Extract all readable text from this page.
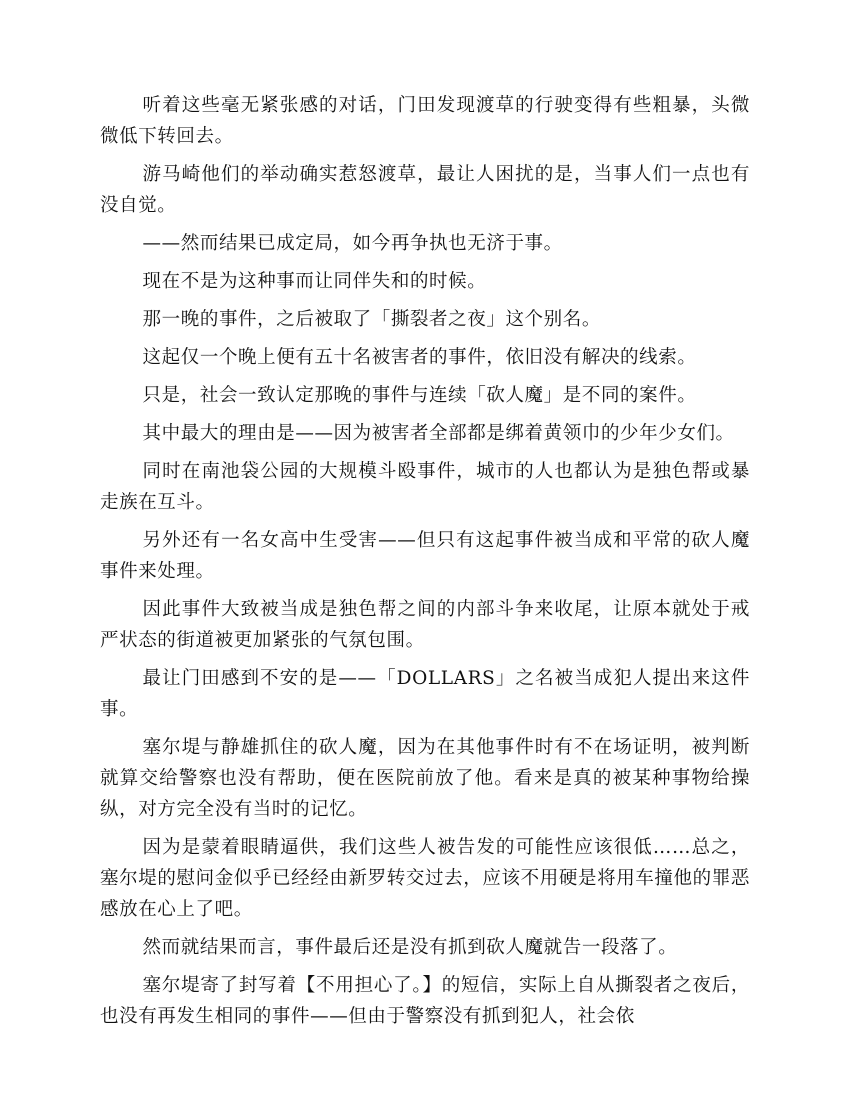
听着这些毫无紧张感的对话，门田发现渡草的行驶变得有些粗暴，头微微低下转回去。

游马崎他们的举动确实惹怒渡草，最让人困扰的是，当事人们一点也有没自觉。

——然而结果已成定局，如今再争执也无济于事。

现在不是为这种事而让同伴失和的时候。

那一晚的事件，之后被取了「撕裂者之夜」这个别名。

这起仅一个晚上便有五十名被害者的事件，依旧没有解决的线索。

只是，社会一致认定那晚的事件与连续「砍人魔」是不同的案件。

其中最大的理由是——因为被害者全部都是绑着黄领巾的少年少女们。

同时在南池袋公园的大规模斗殴事件，城市的人也都认为是独色帮或暴走族在互斗。

另外还有一名女高中生受害——但只有这起事件被当成和平常的砍人魔事件来处理。

因此事件大致被当成是独色帮之间的内部斗争来收尾，让原本就处于戒严状态的街道被更加紧张的气氛包围。

最让门田感到不安的是——「DOLLARS」之名被当成犯人提出来这件事。

塞尔堤与静雄抓住的砍人魔，因为在其他事件时有不在场证明，被判断就算交给警察也没有帮助，便在医院前放了他。看来是真的被某种事物给操纵，对方完全没有当时的记忆。

因为是蒙着眼睛逼供，我们这些人被告发的可能性应该很低……总之，塞尔堤的慰问金似乎已经经由新罗转交过去，应该不用硬是将用车撞他的罪恶感放在心上了吧。

然而就结果而言，事件最后还是没有抓到砍人魔就告一段落了。

塞尔堤寄了封写着【不用担心了。】的短信，实际上自从撕裂者之夜后，也没有再发生相同的事件——但由于警察没有抓到犯人，社会依
